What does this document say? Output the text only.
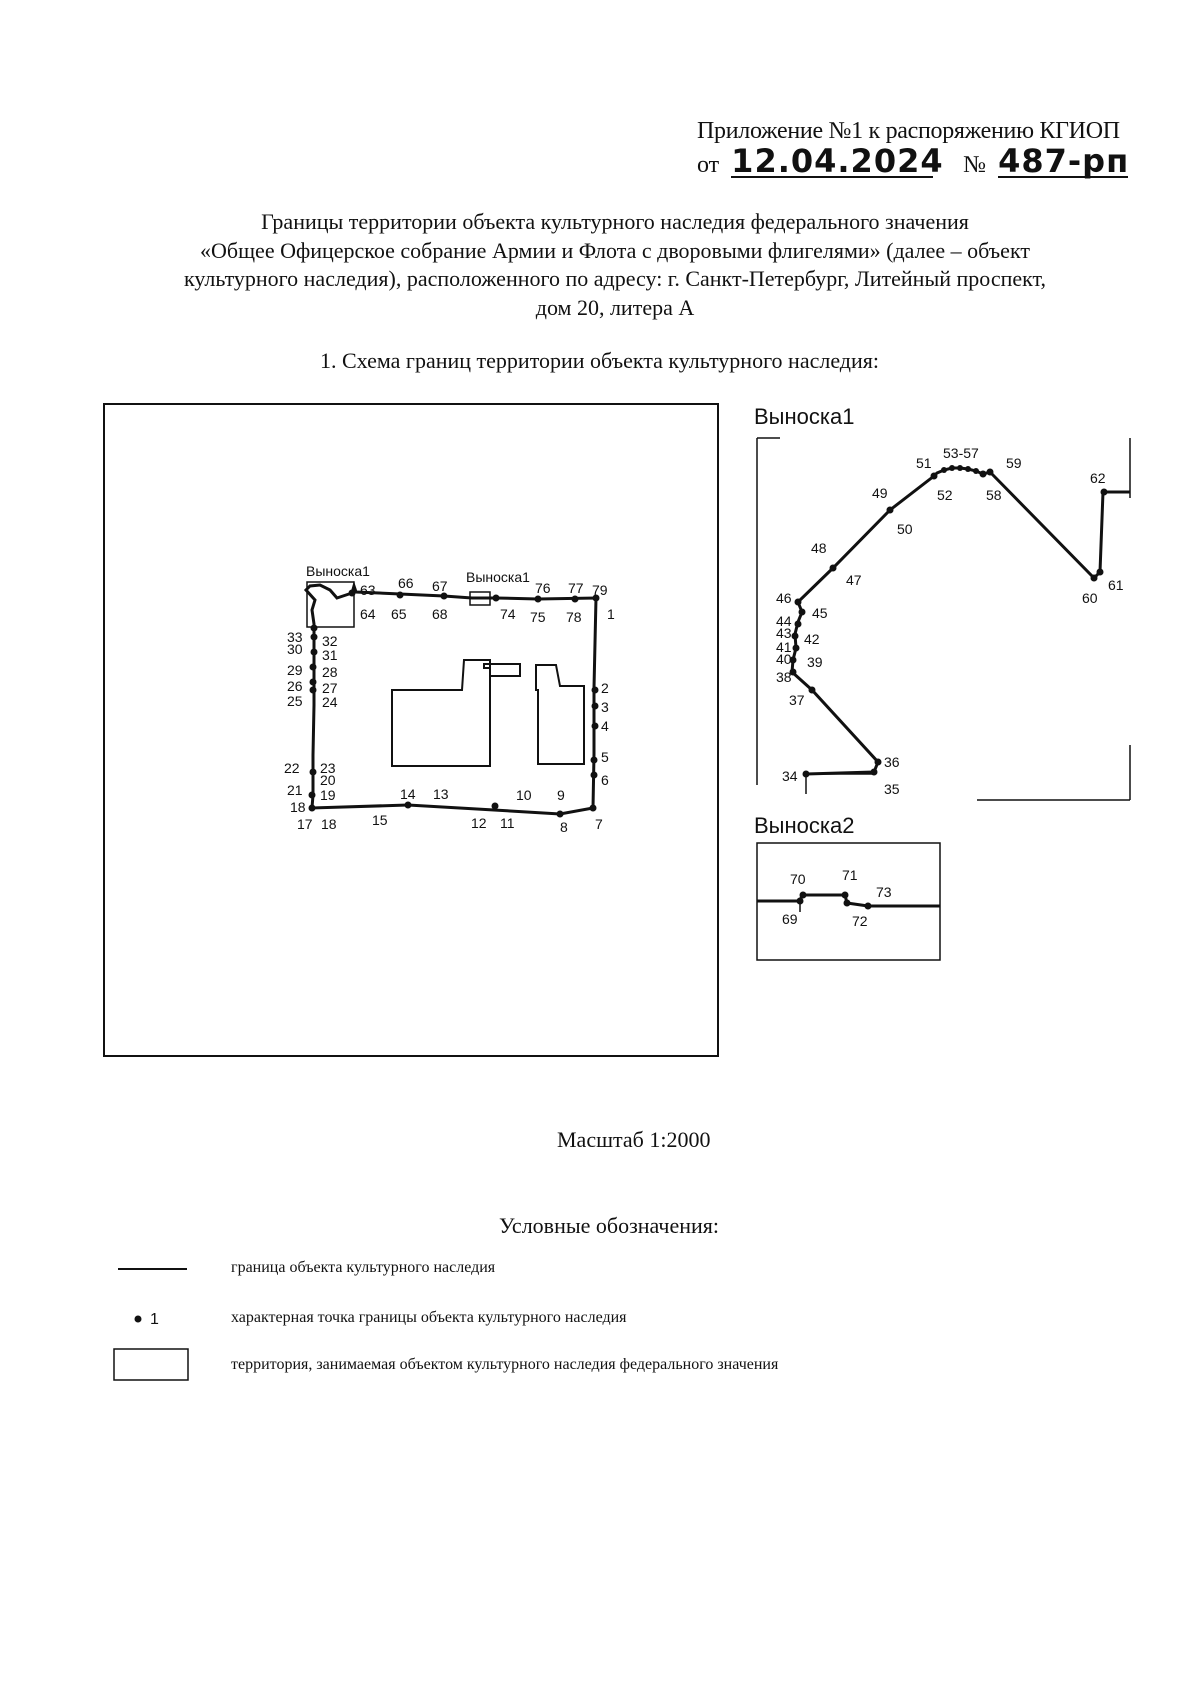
Приложение №1 к распоряжению КГИОП
от 12.04.2024 № 487-рп
Границы территории объекта культурного наследия федерального значения
«Общее Офицерское собрание Армии и Флота с дворовыми флигелями» (далее – объект
культурного наследия), расположенного по адресу: г. Санкт-Петербург, Литейный проспект,
дом 20, литера А
1. Схема границ территории объекта культурного наследия:
Выноска1	Выноска1
1
2
3
4
5
6
7
8
9
10
11
12
13
14
15
17 18
18
19
20
21
22 23
24
25
26 27
28
29
30 31
32
33
63
64 65
66 67
68	74 75
76 77
78
79
Выноска1
34
35
36
37
38
39
40
41 42
43
44 45
46
47
48
49
50
51
52
53-57
58
59
60
61
62
Выноска2
69
70	71
72
73
1
Масштаб 1:2000
Условные обозначения:
граница объекта культурного наследия
характерная точка границы объекта культурного наследия
территория, занимаемая объектом культурного наследия федерального значения
